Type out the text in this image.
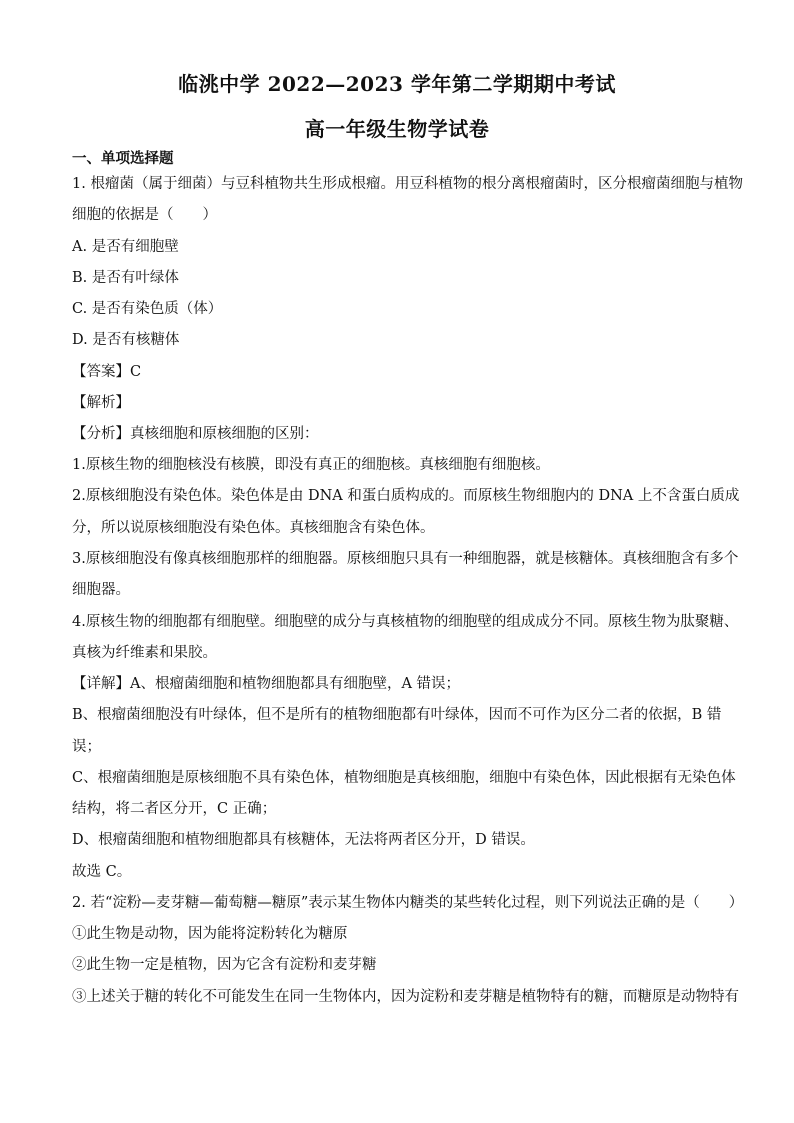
临洮中学 2022—2023 学年第二学期期中考试
高一年级生物学试卷
一、单项选择题
1. 根瘤菌（属于细菌）与豆科植物共生形成根瘤。用豆科植物的根分离根瘤菌时，区分根瘤菌细胞与植物
细胞的依据是（　　）
A. 是否有细胞壁
B. 是否有叶绿体
C. 是否有染色质（体）
D. 是否有核糖体
【答案】C
【解析】
【分析】真核细胞和原核细胞的区别：
1.原核生物的细胞核没有核膜，即没有真正的细胞核。真核细胞有细胞核。
2.原核细胞没有染色体。染色体是由 DNA 和蛋白质构成的。而原核生物细胞内的 DNA 上不含蛋白质成
分，所以说原核细胞没有染色体。真核细胞含有染色体。
3.原核细胞没有像真核细胞那样的细胞器。原核细胞只具有一种细胞器，就是核糖体。真核细胞含有多个
细胞器。
4.原核生物的细胞都有细胞壁。细胞壁的成分与真核植物的细胞壁的组成成分不同。原核生物为肽聚糖、
真核为纤维素和果胶。
【详解】A、根瘤菌细胞和植物细胞都具有细胞壁，A 错误；
B、根瘤菌细胞没有叶绿体，但不是所有的植物细胞都有叶绿体，因而不可作为区分二者的依据，B 错
误；
C、根瘤菌细胞是原核细胞不具有染色体，植物细胞是真核细胞，细胞中有染色体，因此根据有无染色体
结构，将二者区分开，C 正确；
D、根瘤菌细胞和植物细胞都具有核糖体，无法将两者区分开，D 错误。
故选 C。
2. 若“淀粉—麦芽糖—葡萄糖—糖原”表示某生物体内糖类的某些转化过程，则下列说法正确的是（　　）
①此生物是动物，因为能将淀粉转化为糖原
②此生物一定是植物，因为它含有淀粉和麦芽糖
③上述关于糖的转化不可能发生在同一生物体内，因为淀粉和麦芽糖是植物特有的糖，而糖原是动物特有
